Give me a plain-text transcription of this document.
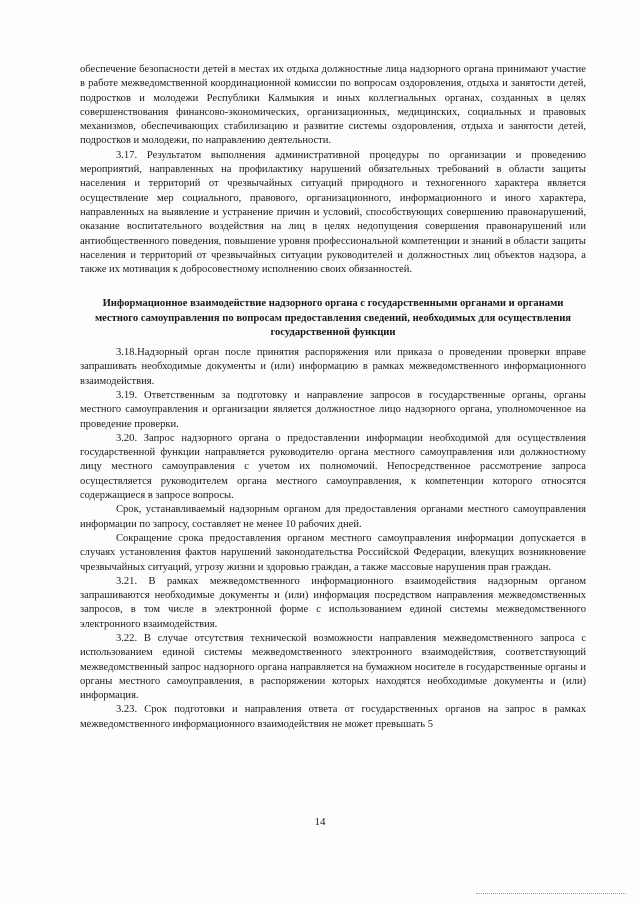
обеспечение безопасности детей в местах их отдыха должностные лица надзорного органа принимают участие в работе межведомственной координационной комиссии по вопросам оздоровления, отдыха и занятости детей, подростков и молодежи Республики Калмыкия и иных коллегиальных органах, созданных в целях совершенствования финансово-экономических, организационных, медицинских, социальных и правовых механизмов, обеспечивающих стабилизацию и развитие системы оздоровления, отдыха и занятости детей, подростков и молодежи, по направлению деятельности.

3.17. Результатом выполнения административной процедуры по организации и проведению мероприятий, направленных на профилактику нарушений обязательных требований в области защиты населения и территорий от чрезвычайных ситуаций природного и техногенного характера является осуществление мер социального, правового, организационного, информационного и иного характера, направленных на выявление и устранение причин и условий, способствующих совершению правонарушений, оказание воспитательного воздействия на лиц в целях недопущения совершения правонарушений или антиобщественного поведения, повышение уровня профессиональной компетенции и знаний в области защиты населения и территорий от чрезвычайных ситуации руководителей и должностных лиц объектов надзора, а также их мотивация к добросовестному исполнению своих обязанностей.

Информационное взаимодействие надзорного органа с государственными органами и органами местного самоуправления по вопросам предоставления сведений, необходимых для осуществления государственной функции

3.18.Надзорный орган после принятия распоряжения или приказа о проведении проверки вправе запрашивать необходимые документы и (или) информацию в рамках межведомственного информационного взаимодействия.

3.19. Ответственным за подготовку и направление запросов в государственные органы, органы местного самоуправления и организации является должностное лицо надзорного органа, уполномоченное на проведение проверки.

3.20. Запрос надзорного органа о предоставлении информации необходимой для осуществления государственной функции направляется руководителю органа местного самоуправления или должностному лицу местного самоуправления с учетом их полномочий. Непосредственное рассмотрение запроса осуществляется руководителем органа местного самоуправления, к компетенции которого относятся содержащиеся в запросе вопросы.

Срок, устанавливаемый надзорным органом для предоставления органами местного самоуправления информации по запросу, составляет не менее 10 рабочих дней.

Сокращение срока предоставления органом местного самоуправления информации допускается в случаях установления фактов нарушений законодательства Российской Федерации, влекущих возникновение чрезвычайных ситуаций, угрозу жизни и здоровью граждан, а также массовые нарушения прав граждан.

3.21. В рамках межведомственного информационного взаимодействия надзорным органом запрашиваются необходимые документы и (или) информация посредством направления межведомственных запросов, в том числе в электронной форме с использованием единой системы межведомственного электронного взаимодействия.

3.22. В случае отсутствия технической возможности направления межведомственного запроса с использованием единой системы межведомственного электронного взаимодействия, соответствующий межведомственный запрос надзорного органа направляется на бумажном носителе в государственные органы и органы местного самоуправления, в распоряжении которых находятся необходимые документы и (или) информация.

3.23. Срок подготовки и направления ответа от государственных органов на запрос в рамках межведомственного информационного взаимодействия не может превышать 5

14
